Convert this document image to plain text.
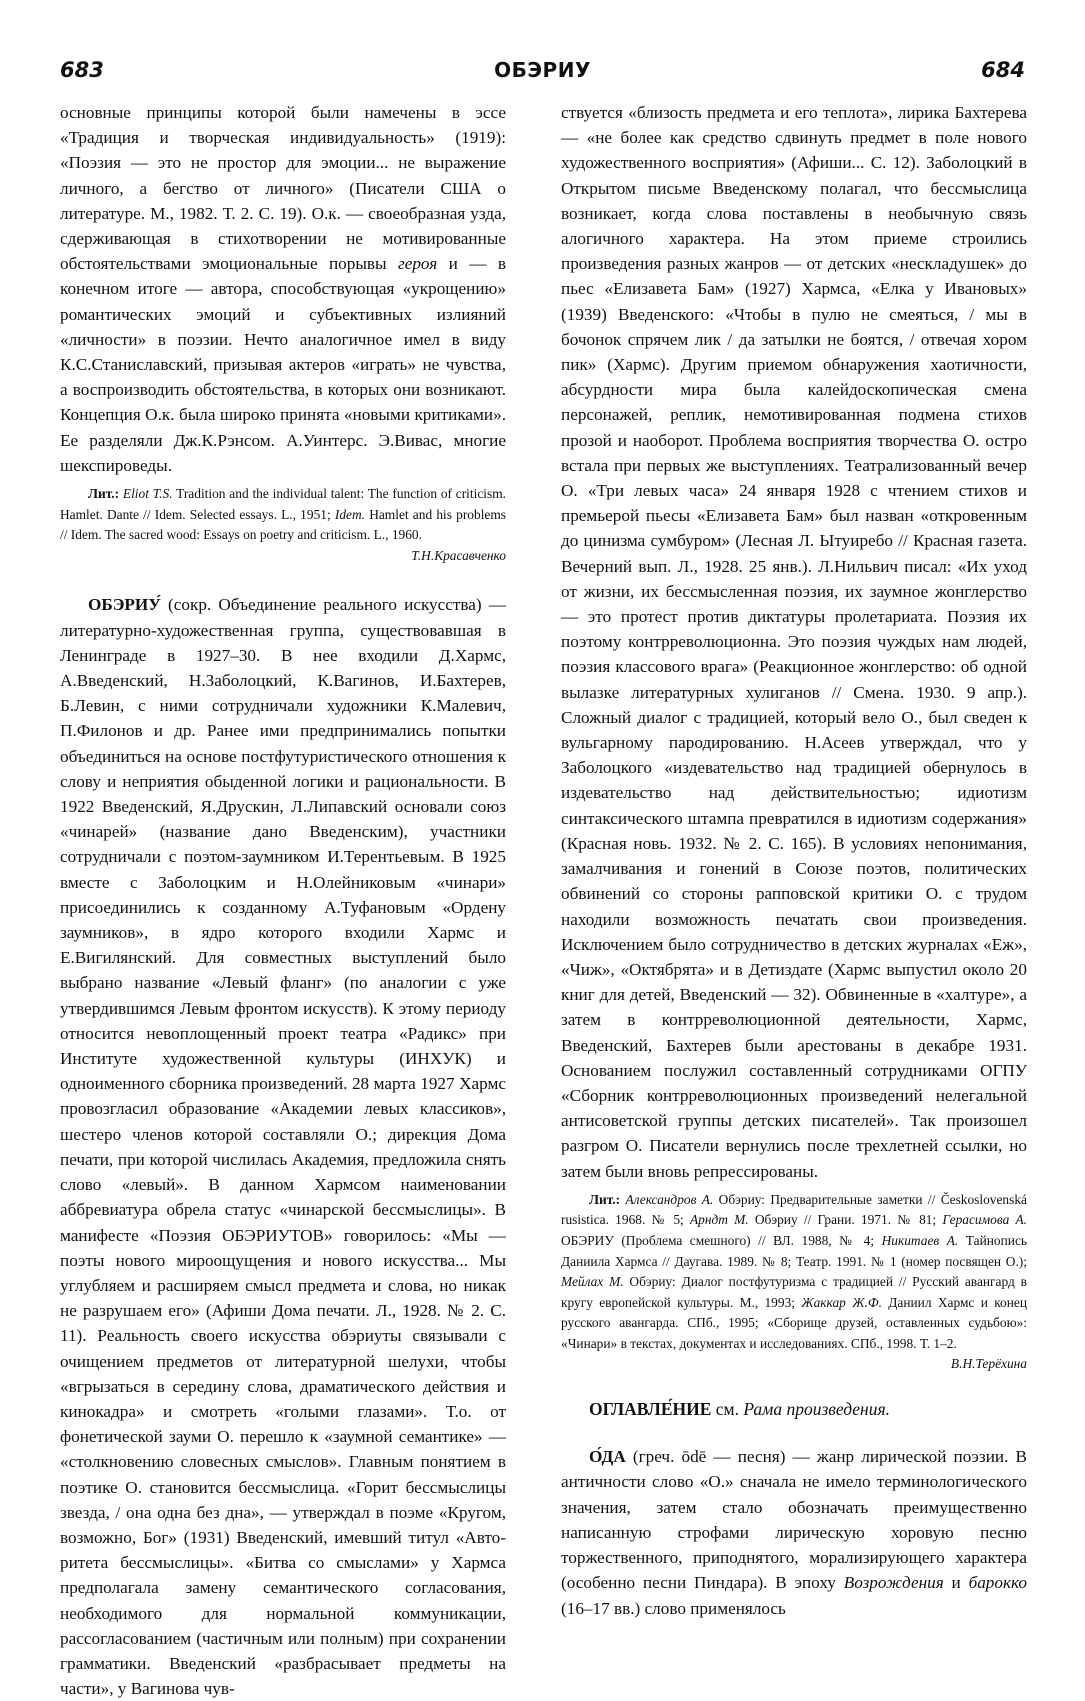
683	ОБЭРИУ	684

основные принципы которой были намечены в эссе «Традиция и творческая индивидуальность» (1919): «Поэзия — это не простор для эмоции... не выражение личного, а бегство от личного» (Писатели США о литературе. М., 1982. Т. 2. С. 19). О.к. — своеобразная узда, сдерживающая в стихотворении не мотивированные обстоятельствами эмоциональные порывы героя и — в конечном итоге — автора, способствующая «укрощению» романтических эмоций и субъективных излияний «личности» в поэзии. Нечто аналогичное имел в виду К.С.Станиславский, призывая актеров «играть» не чувства, а воспроизводить обстоятельства, в которых они возникают. Концепция О.к. была широко принята «новыми критиками». Ее разделяли Дж.К.Рэнсом. А.Уинтерс. Э.Вивас, многие шекспироведы.

Лит.: Eliot T.S. Tradition and the individual talent: The function of criticism. Hamlet. Dante // Idem. Selected essays. L., 1951; Idem. Hamlet and his problems // Idem. The sacred wood: Essays on poetry and criticism. L., 1960.
Т.Н.Красавченко

ОБЭРИУ́ (сокр. Объединение реального искусства) — литературно-художественная группа, существовавшая в Ленинграде в 1927–30. В нее входили Д.Хармс, А.Введенский, Н.Заболоцкий, К.Вагинов, И.Бахтерев, Б.Левин, с ними сотрудничали художники К.Малевич, П.Филонов и др. Ранее ими предпринимались попытки объединиться на основе постфутуристического отношения к слову и неприятия обыденной логики и рациональности. В 1922 Введенский, Я.Друскин, Л.Липавский основали союз «чинарей» (название дано Введенским), участники сотрудничали с поэтом-заумником И.Терентьевым. В 1925 вместе с Заболоцким и Н.Олейниковым «чинари» присоединились к созданному А.Туфановым «Ордену заумников», в ядро которого входили Хармс и Е.Вигилянский. Для совместных выступлений было выбрано название «Левый фланг» (по аналогии с уже утвердившимся Левым фронтом искусств). К этому периоду относится невоплощенный проект театра «Радикс» при Институте художественной культуры (ИНХУК) и одноименного сборника произведений. 28 марта 1927 Хармс провозгласил образование «Академии левых классиков», шестеро членов которой составляли О.; дирекция Дома печати, при которой числилась Академия, предложила снять слово «левый». В данном Хармсом наименовании аббревиатура обрела статус «чинарской бессмыслицы». В манифесте «Поэзия ОБЭРИУТОВ» говорилось: «Мы — поэты нового мироощущения и нового искусства... Мы углубляем и расширяем смысл предмета и слова, но никак не разрушаем его» (Афиши Дома печати. Л., 1928. № 2. С. 11). Реальность своего искусства обэриуты связывали с очищением предметов от литературной шелухи, чтобы «вгрызаться в середину слова, драматического действия и кинокадра» и смотреть «голыми глазами». Т.о. от фонетической зауми О. перешло к «заумной семантике» — «столкновению словесных смыслов». Главным понятием в поэтике О. становится бессмыслица. «Горит бессмыслицы звезда, / она одна без дна», — утверждал в поэме «Кругом, возможно, Бог» (1931) Введенский, имевший титул «Авто-ритета бессмыслицы». «Битва со смыслами» у Хармса предполагала замену семантического согласования, необходимого для нормальной коммуникации, рассогласованием (частичным или полным) при сохранении грамматики. Введенский «разбрасывает предметы на части», у Вагинова чув-

ствуется «близость предмета и его теплота», лирика Бахтерева — «не более как средство сдвинуть предмет в поле нового художественного восприятия» (Афиши... С. 12). Заболоцкий в Открытом письме Введенскому полагал, что бессмыслица возникает, когда слова поставлены в необычную связь алогичного характера. На этом приеме строились произведения разных жанров — от детских «нескладушек» до пьес «Елизавета Бам» (1927) Хармса, «Елка у Ивановых» (1939) Введенского: «Чтобы в пулю не смеяться, / мы в бочонок спрячем лик / да затылки не боятся, / отвечая хором пик» (Хармс). Другим приемом обнаружения хаотичности, абсурдности мира была калейдоскопическая смена персонажей, реплик, немотивированная подмена стихов прозой и наоборот. Проблема восприятия творчества О. остро встала при первых же выступлениях. Театрализованный вечер О. «Три левых часа» 24 января 1928 с чтением стихов и премьерой пьесы «Елизавета Бам» был назван «откровенным до цинизма сумбуром» (Лесная Л. Ытуиребо // Красная газета. Вечерний вып. Л., 1928. 25 янв.). Л.Нильвич писал: «Их уход от жизни, их бессмысленная поэзия, их заумное жонглерство — это протест против диктатуры пролетариата. Поэзия их поэтому контрреволюционна. Это поэзия чуждых нам людей, поэзия классового врага» (Реакционное жонглерство: об одной вылазке литературных хулиганов // Смена. 1930. 9 апр.). Сложный диалог с традицией, который вело О., был сведен к вульгарному пародированию. Н.Асеев утверждал, что у Заболоцкого «издевательство над традицией обернулось в издевательство над действительностью; идиотизм синтаксического штампа превратился в идиотизм содержания» (Красная новь. 1932. № 2. С. 165). В условиях непонимания, замалчивания и гонений в Союзе поэтов, политических обвинений со стороны рапповской критики О. с трудом находили возможность печатать свои произведения. Исключением было сотрудничество в детских журналах «Еж», «Чиж», «Октябрята» и в Детиздате (Хармс выпустил около 20 книг для детей, Введенский — 32). Обвиненные в «халтуре», а затем в контрреволюционной деятельности, Хармс, Введенский, Бахтерев были арестованы в декабре 1931. Основанием послужил составленный сотрудниками ОГПУ «Сборник контрреволюционных произведений нелегальной антисоветской группы детских писателей». Так произошел разгром О. Писатели вернулись после трехлетней ссылки, но затем были вновь репрессированы.

Лит.: Александров А. Обэриу: Предварительные заметки // Československá rusistica. 1968. № 5; Арндт М. Обэриу // Грани. 1971. № 81; Герасимова А. ОБЭРИУ (Проблема смешного) // ВЛ. 1988, № 4; Никитаев А. Тайнопись Даниила Хармса // Даугава. 1989. № 8; Театр. 1991. № 1 (номер посвящен О.); Мейлах М. Обэриу: Диалог постфутуризма с традицией // Русский авангард в кругу европейской культуры. М., 1993; Жаккар Ж.Ф. Даниил Хармс и конец русского авангарда. СПб., 1995; «Сборище друзей, оставленных судьбою»: «Чинари» в текстах, документах и исследованиях. СПб., 1998. Т. 1–2.
В.Н.Терёхина

ОГЛАВЛЕ́НИЕ см. Рама произведения.

О́ДА (греч. ōdē — песня) — жанр лирической поэзии. В античности слово «О.» сначала не имело терминологического значения, затем стало обозначать преимущественно написанную строфами лирическую хоровую песню торжественного, приподнятого, морализирующего характера (особенно песни Пиндара). В эпоху Возрождения и барокко (16–17 вв.) слово применялось
